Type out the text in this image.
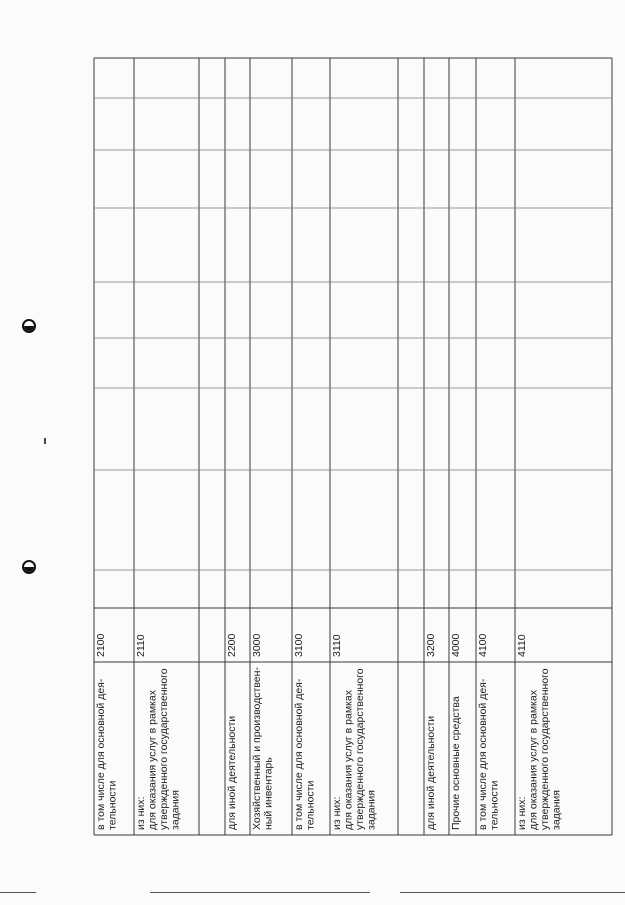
в том числе для основной дея- тельности
2100
из них: для оказания услуг в рамках утвержденного государственного задания
2110
для иной деятельности
2200
Хозяйственный и производствен- ный инвентарь
3000
в том числе для основной дея- тельности
3100
из них: для оказания услуг в рамках утвержденного государственного задания
3110
для иной деятельности
3200
Прочие основные средства
4000
в том числе для основной дея- тельности
4100
из них: для оказания услуг в рамках утвержденного государственного задания
4110
